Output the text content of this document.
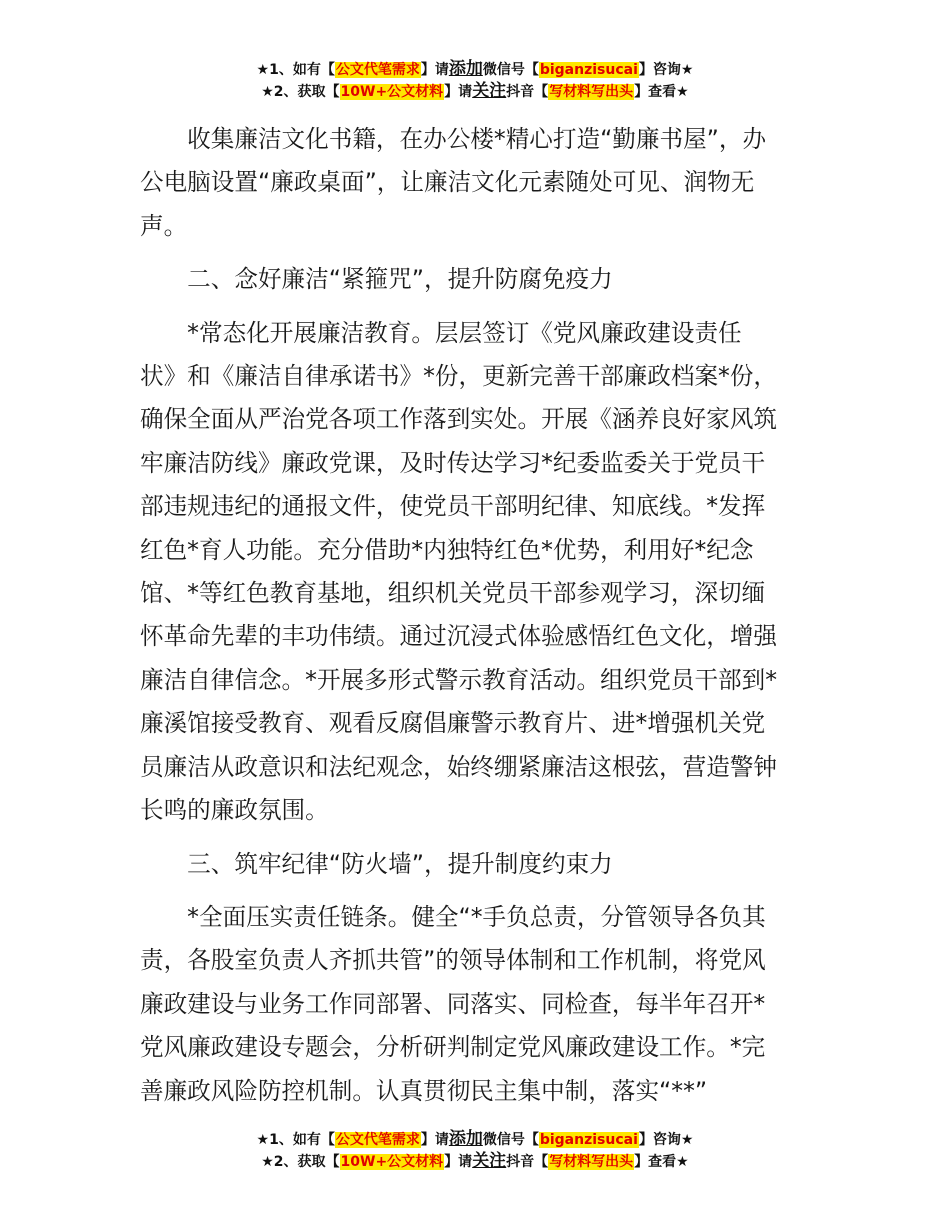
★1、如有【公文代笔需求】请添加微信号【biganzisucai】咨询★
★2、获取【10W+公文材料】请关注抖音【写材料写出头】查看★

　　收集廉洁文化书籍，在办公楼*精心打造“勤廉书屋”，办

公电脑设置“廉政桌面”，让廉洁文化元素随处可见、润物无

声。

　　二、念好廉洁“紧箍咒”，提升防腐免疫力

　　*常态化开展廉洁教育。层层签订《党风廉政建设责任

状》和《廉洁自律承诺书》*份，更新完善干部廉政档案*份，

确保全面从严治党各项工作落到实处。开展《涵养良好家风筑

牢廉洁防线》廉政党课，及时传达学习*纪委监委关于党员干

部违规违纪的通报文件，使党员干部明纪律、知底线。*发挥

红色*育人功能。充分借助*内独特红色*优势，利用好*纪念

馆、*等红色教育基地，组织机关党员干部参观学习，深切缅

怀革命先辈的丰功伟绩。通过沉浸式体验感悟红色文化，增强

廉洁自律信念。*开展多形式警示教育活动。组织党员干部到*

廉溪馆接受教育、观看反腐倡廉警示教育片、进*增强机关党

员廉洁从政意识和法纪观念，始终绷紧廉洁这根弦，营造警钟

长鸣的廉政氛围。

　　三、筑牢纪律“防火墙”，提升制度约束力

　　*全面压实责任链条。健全“*手负总责，分管领导各负其

责，各股室负责人齐抓共管”的领导体制和工作机制，将党风

廉政建设与业务工作同部署、同落实、同检查，每半年召开*

党风廉政建设专题会，分析研判制定党风廉政建设工作。*完

善廉政风险防控机制。认真贯彻民主集中制，落实“**”

★1、如有【公文代笔需求】请添加微信号【biganzisucai】咨询★
★2、获取【10W+公文材料】请关注抖音【写材料写出头】查看★
